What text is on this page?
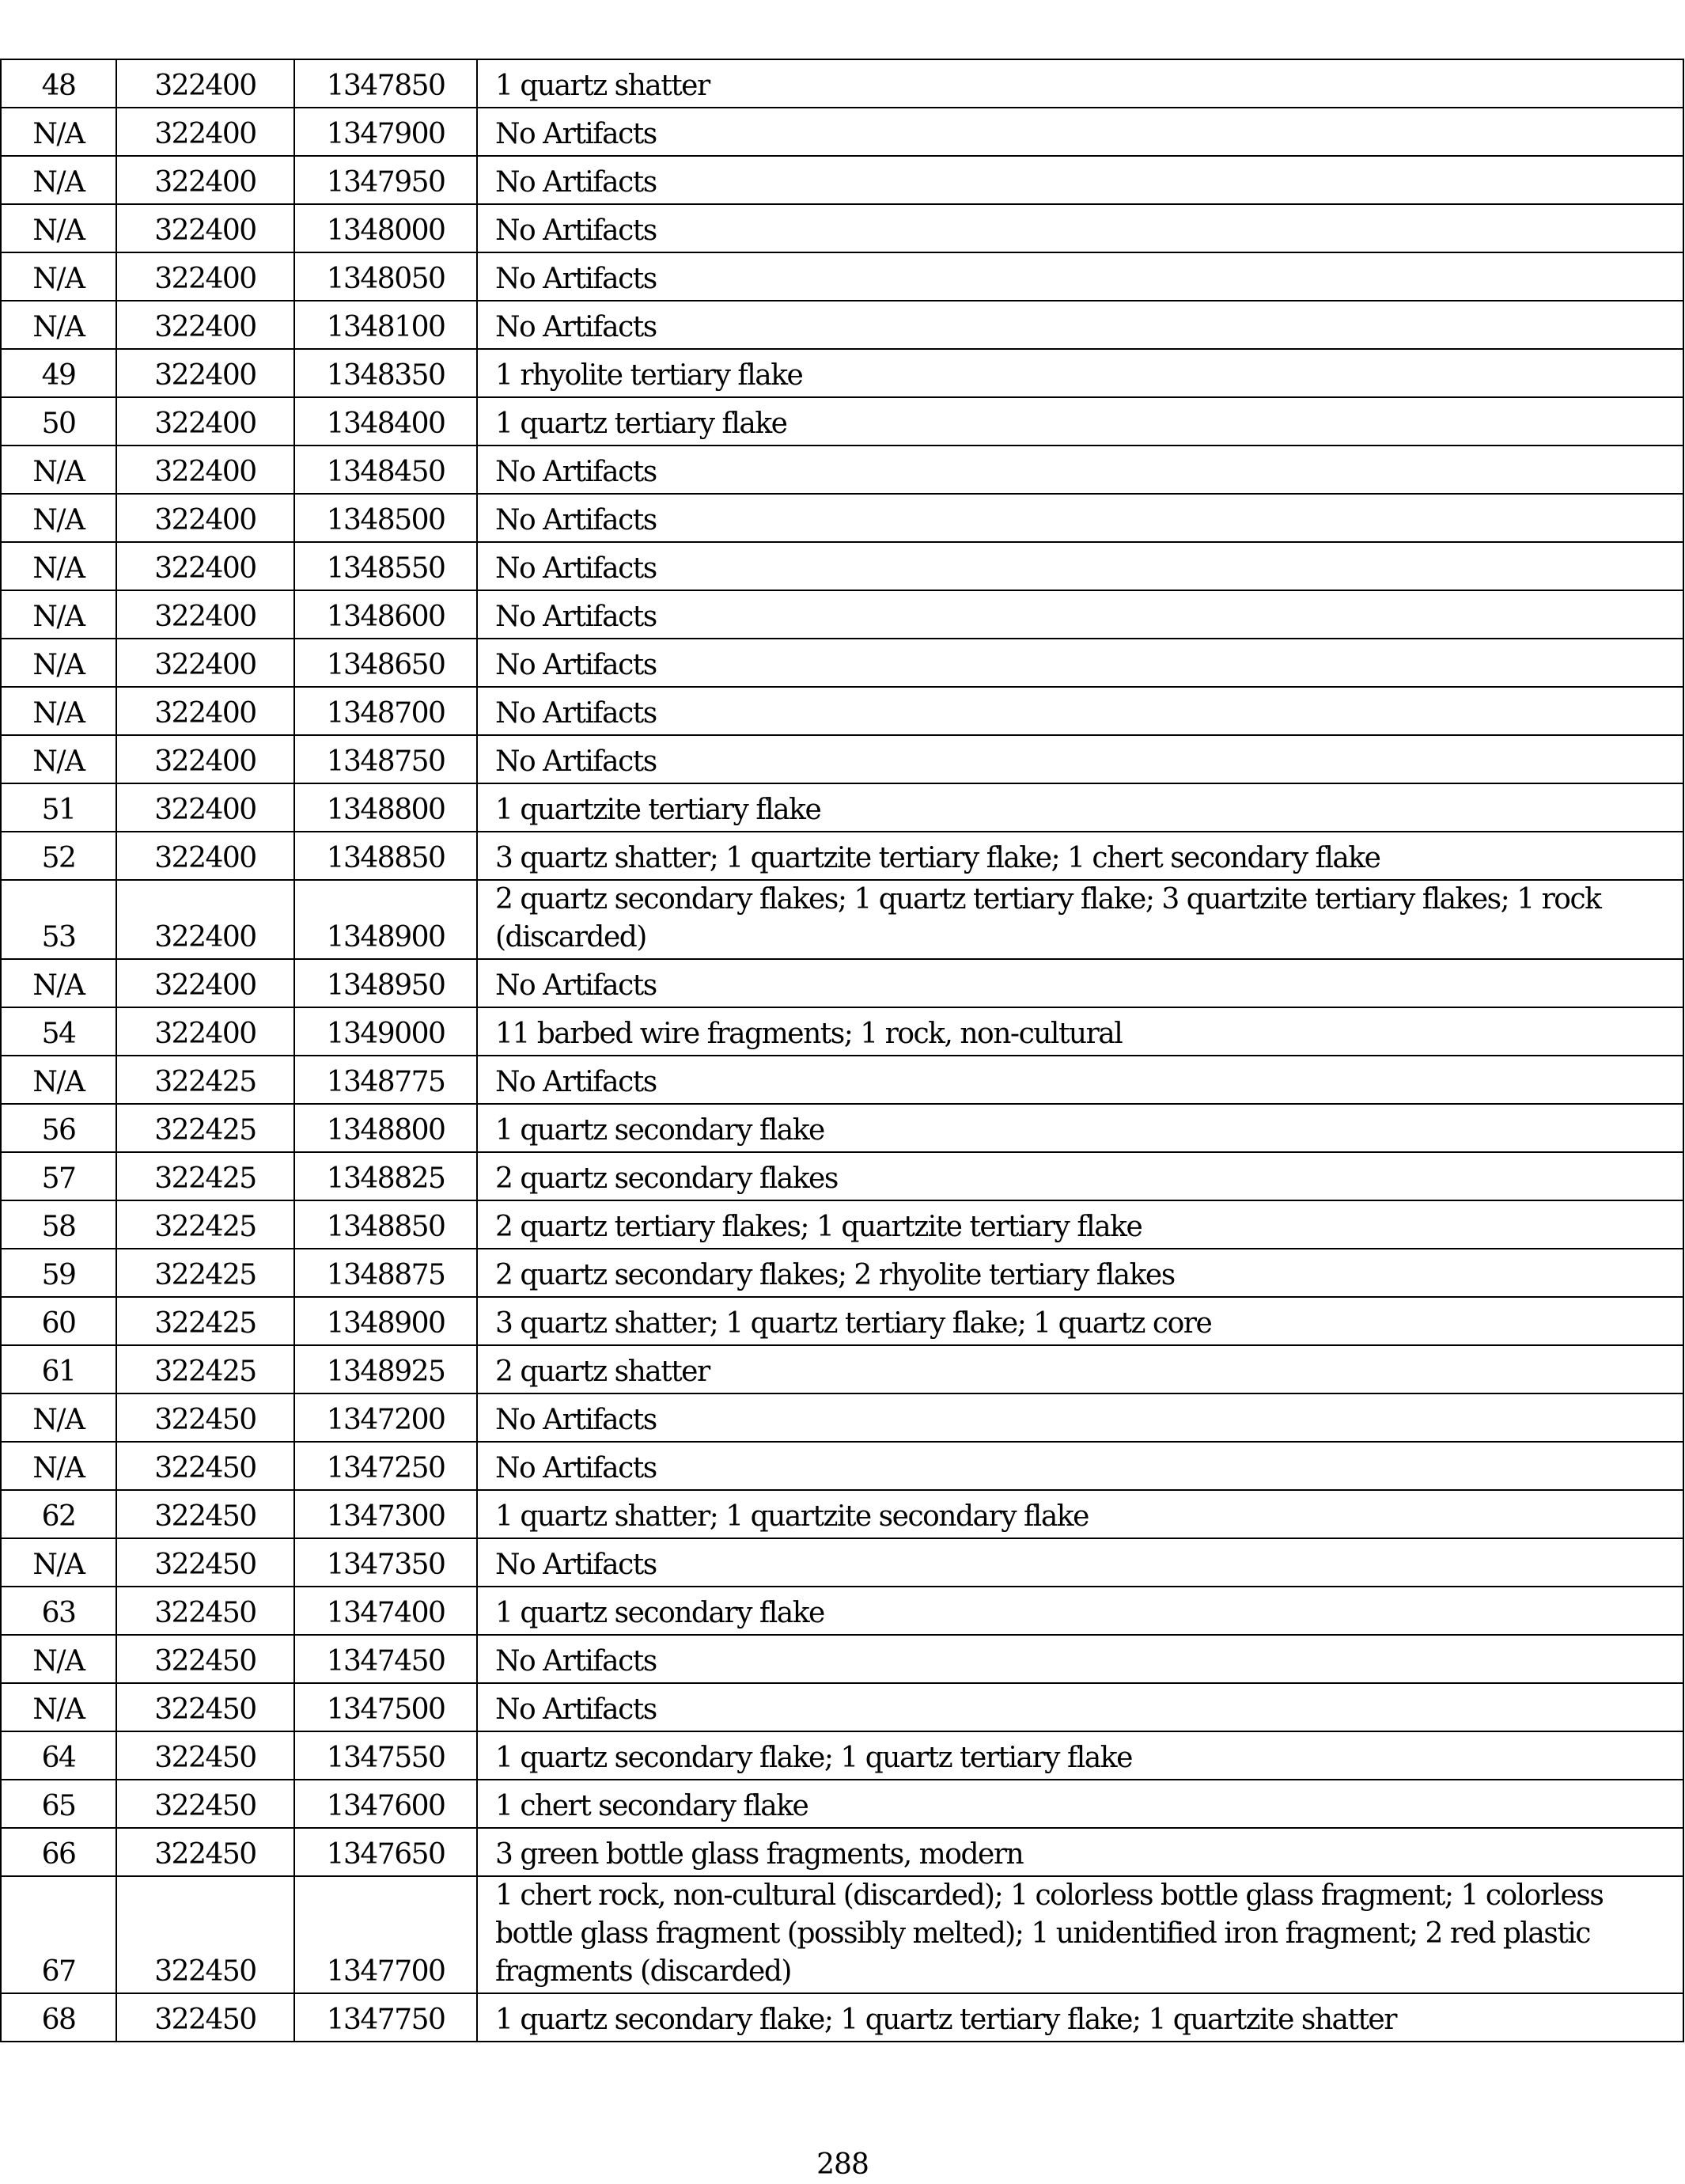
48	322400	1347850	1 quartz shatter
N/A	322400	1347900	No Artifacts
N/A	322400	1347950	No Artifacts
N/A	322400	1348000	No Artifacts
N/A	322400	1348050	No Artifacts
N/A	322400	1348100	No Artifacts
49	322400	1348350	1 rhyolite tertiary flake
50	322400	1348400	1 quartz tertiary flake
N/A	322400	1348450	No Artifacts
N/A	322400	1348500	No Artifacts
N/A	322400	1348550	No Artifacts
N/A	322400	1348600	No Artifacts
N/A	322400	1348650	No Artifacts
N/A	322400	1348700	No Artifacts
N/A	322400	1348750	No Artifacts
51	322400	1348800	1 quartzite tertiary flake
52	322400	1348850	3 quartz shatter; 1 quartzite tertiary flake; 1 chert secondary flake
53	322400	1348900	2 quartz secondary flakes; 1 quartz tertiary flake; 3 quartzite tertiary flakes; 1 rock (discarded)
N/A	322400	1348950	No Artifacts
54	322400	1349000	11 barbed wire fragments; 1 rock, non-cultural
N/A	322425	1348775	No Artifacts
56	322425	1348800	1 quartz secondary flake
57	322425	1348825	2 quartz secondary flakes
58	322425	1348850	2 quartz tertiary flakes; 1 quartzite tertiary flake
59	322425	1348875	2 quartz secondary flakes; 2 rhyolite tertiary flakes
60	322425	1348900	3 quartz shatter; 1 quartz tertiary flake; 1 quartz core
61	322425	1348925	2 quartz shatter
N/A	322450	1347200	No Artifacts
N/A	322450	1347250	No Artifacts
62	322450	1347300	1 quartz shatter; 1 quartzite secondary flake
N/A	322450	1347350	No Artifacts
63	322450	1347400	1 quartz secondary flake
N/A	322450	1347450	No Artifacts
N/A	322450	1347500	No Artifacts
64	322450	1347550	1 quartz secondary flake; 1 quartz tertiary flake
65	322450	1347600	1 chert secondary flake
66	322450	1347650	3 green bottle glass fragments, modern
67	322450	1347700	1 chert rock, non-cultural (discarded); 1 colorless bottle glass fragment; 1 colorless bottle glass fragment (possibly melted); 1 unidentified iron fragment; 2 red plastic fragments (discarded)
68	322450	1347750	1 quartz secondary flake; 1 quartz tertiary flake; 1 quartzite shatter
288
